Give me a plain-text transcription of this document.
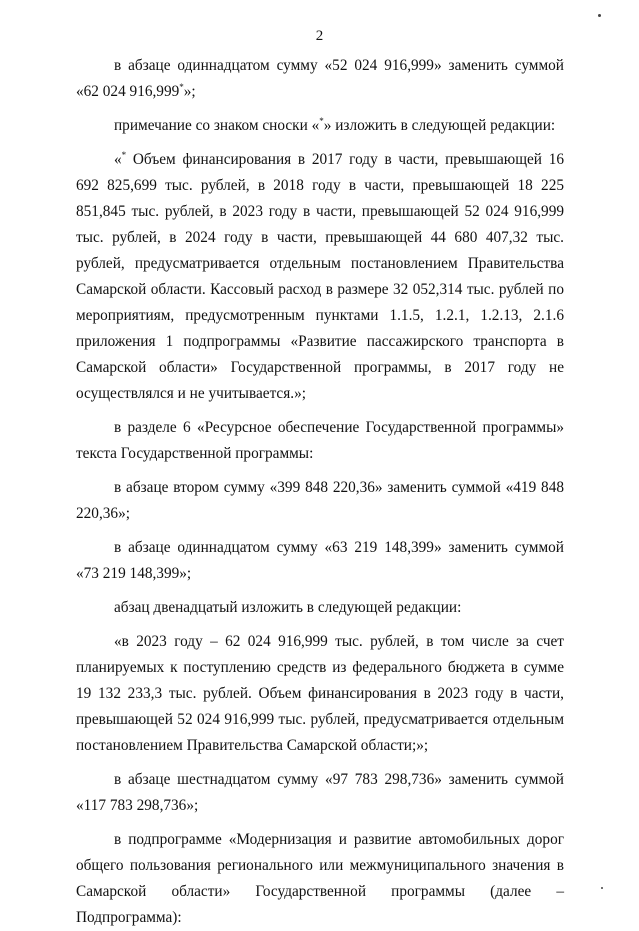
2

в абзаце одиннадцатом сумму «52 024 916,999» заменить суммой «62 024 916,999*»;

примечание со знаком сноски «*» изложить в следующей редакции:

«* Объем финансирования в 2017 году в части, превышающей 16 692 825,699 тыс. рублей, в 2018 году в части, превышающей 18 225 851,845 тыс. рублей, в 2023 году в части, превышающей 52 024 916,999 тыс. рублей, в 2024 году в части, превышающей 44 680 407,32 тыс. рублей, предусматривается отдельным постановлением Правительства Самарской области. Кассовый расход в размере 32 052,314 тыс. рублей по мероприятиям, предусмотренным пунктами 1.1.5, 1.2.1, 1.2.13, 2.1.6 приложения 1 подпрограммы «Развитие пассажирского транспорта в Самарской области» Государственной программы, в 2017 году не осуществлялся и не учитывается.»;

в разделе 6 «Ресурсное обеспечение Государственной программы» текста Государственной программы:

в абзаце втором сумму «399 848 220,36» заменить суммой «419 848 220,36»;

в абзаце одиннадцатом сумму «63 219 148,399» заменить суммой «73 219 148,399»;

абзац двенадцатый изложить в следующей редакции:

«в 2023 году – 62 024 916,999 тыс. рублей, в том числе за счет планируемых к поступлению средств из федерального бюджета в сумме 19 132 233,3 тыс. рублей. Объем финансирования в 2023 году в части, превышающей 52 024 916,999 тыс. рублей, предусматривается отдельным постановлением Правительства Самарской области;»;

в абзаце шестнадцатом сумму «97 783 298,736» заменить суммой «117 783 298,736»;

в подпрограмме «Модернизация и развитие автомобильных дорог общего пользования регионального или межмуниципального значения в Самарской области» Государственной программы (далее – Подпрограмма):
